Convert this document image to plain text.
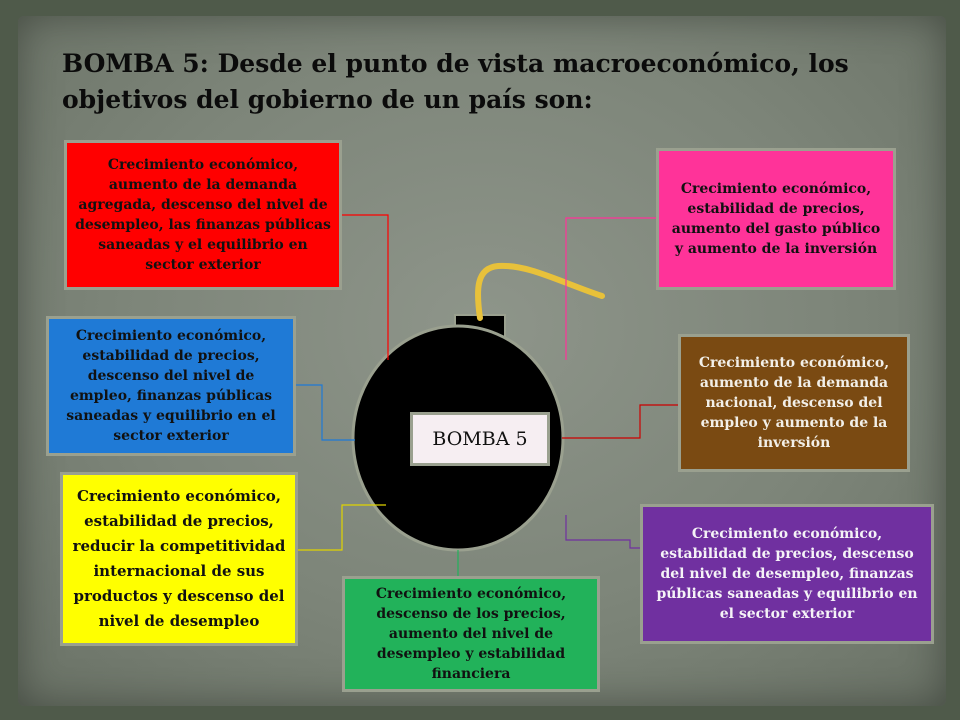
BOMBA 5: Desde el punto de vista macroeconómico, los objetivos del gobierno de un país son:
BOMBA 5
Crecimiento económico, aumento de la demanda agregada, descenso del nivel de desempleo, las finanzas públicas saneadas y el equilibrio en sector exterior
Crecimiento económico, estabilidad de precios, descenso del nivel de empleo, finanzas públicas saneadas y equilibrio en el sector exterior
Crecimiento económico, estabilidad de precios, reducir la competitividad internacional de sus productos y descenso del nivel de desempleo
Crecimiento económico, descenso de los precios, aumento del nivel de desempleo y estabilidad financiera
Crecimiento económico, estabilidad de precios, aumento del gasto público y aumento de la inversión
Crecimiento económico, aumento de la demanda nacional, descenso del empleo y aumento de la inversión
Crecimiento económico, estabilidad de precios, descenso del nivel de desempleo, finanzas públicas saneadas y equilibrio en el sector exterior
